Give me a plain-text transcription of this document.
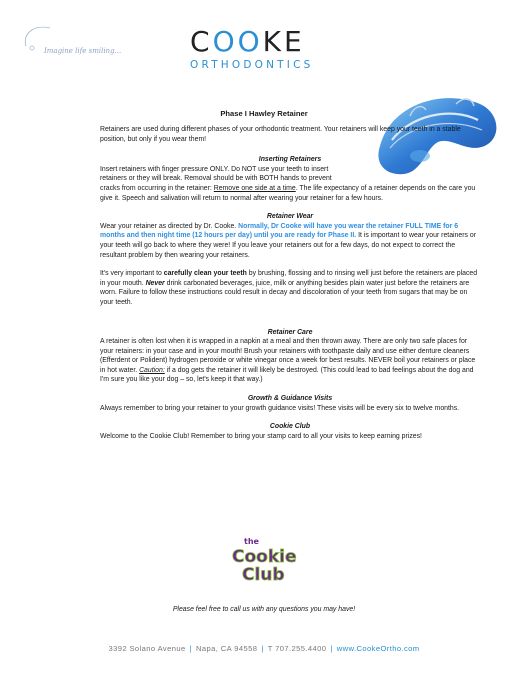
Imagine life smiling... COOKE
ORTHODONTICS
Phase I Hawley Retainer

Retainers are used during different phases of your orthodontic treatment. Your retainers will keep your teeth in a stable position, but only if you wear them!

Inserting Retainers

Insert retainers with finger pressure ONLY. Do NOT use your teeth to insert
retainers or they will break. Removal should be with BOTH hands to prevent
cracks from occurring in the retainer: Remove one side at a time. The life expectancy of a retainer depends on the care you give it. Speech and salivation will return to normal after wearing your retainer for a few hours.

Retainer Wear

Wear your retainer as directed by Dr. Cooke. Normally, Dr Cooke will have you wear the retainer FULL TIME for 6 months and then night time (12 hours per day) until you are ready for Phase II. It is important to wear your retainers or your teeth will go back to where they were! If you leave your retainers out for a few days, do not expect to correct the resultant problem by then wearing your retainers.

It's very important to carefully clean your teeth by brushing, flossing and to rinsing well just before the retainers are placed in your mouth. Never drink carbonated beverages, juice, milk or anything besides plain water just before the retainers are worn. Failure to follow these instructions could result in decay and discoloration of your teeth from sugars that may be on your teeth.

Retainer Care

A retainer is often lost when it is wrapped in a napkin at a meal and then thrown away. There are only two safe places for your retainers: in your case and in your mouth! Brush your retainers with toothpaste daily and use either denture cleaners (Efferdent or Polident) hydrogen peroxide or white vinegar once a week for best results. NEVER boil your retainers or place in hot water. Caution: if a dog gets the retainer it will likely be destroyed. (This could lead to bad feelings about the dog and I'm sure you like your dog – so, let's keep it that way.)

Growth & Guidance Visits

Always remember to bring your retainer to your growth guidance visits! These visits will be every six to twelve months.

Cookie Club

Welcome to the Cookie Club! Remember to bring your stamp card to all your visits to keep earning prizes!

the
Cookie
Club
Please feel free to call us with any questions you may have!
3392 Solano Avenue | Napa, CA 94558 | T 707.255.4400 | www.CookeOrtho.com
